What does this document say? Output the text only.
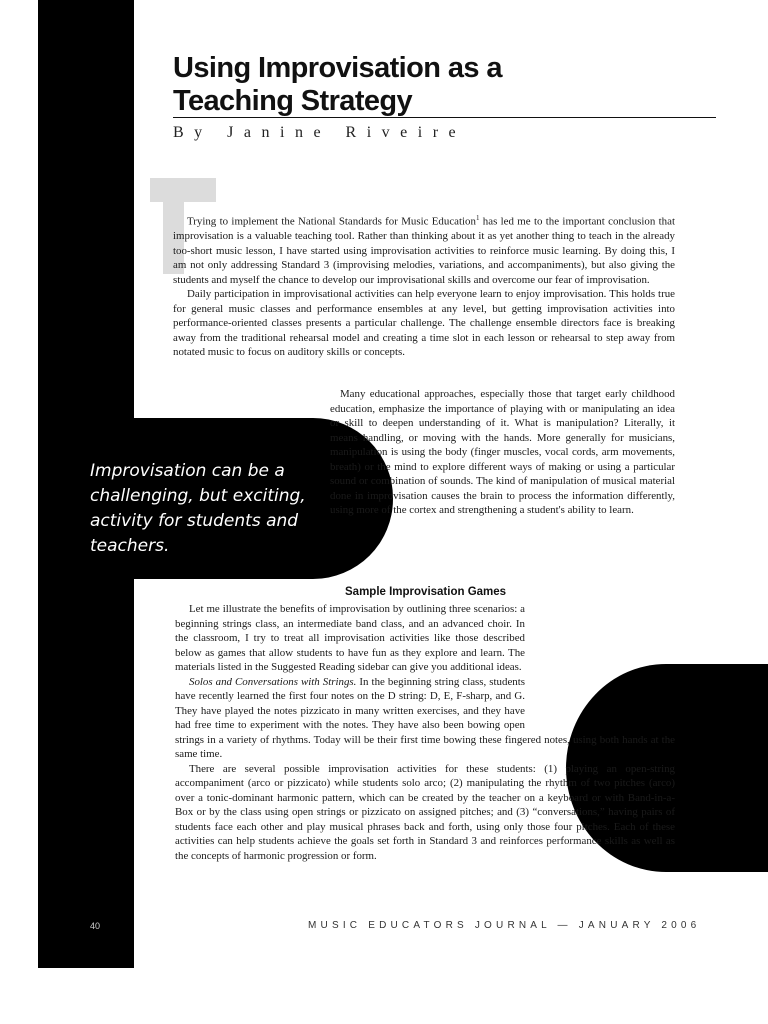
Using Improvisation as a
Teaching Strategy

By Janine Riveire

Trying to implement the National Standards for Music Education$^1$ has led me to the important conclusion that improvisation is a valuable teaching tool. Rather than thinking about it as yet another thing to teach in the already too-short music lesson, I have started using improvisation activities to reinforce music learning. By doing this, I am not only addressing Standard 3 (improvising melodies, variations, and accompaniments), but also giving the students and myself the chance to develop our improvisational skills and overcome our fear of improvisation.

Daily participation in improvisational activities can help everyone learn to enjoy improvisation. This holds true for general music classes and performance ensembles at any level, but getting improvisation activities into performance-oriented classes presents a particular challenge. The challenge ensemble directors face is breaking away from the traditional rehearsal model and creating a time slot in each lesson or rehearsal to step away from notated music to focus on auditory skills or concepts.

Many educational approaches, especially those that target early childhood education, emphasize the importance of playing with or manipulating an idea or skill to deepen understanding of it. What is manipulation? Literally, it means handling, or moving with the hands. More generally for musicians, manipulation is using the body (finger muscles, vocal cords, arm movements, breath) or the mind to explore different ways of making or using a particular sound or combination of sounds. The kind of manipulation of musical material done in improvisation causes the brain to process the information differently, using more of the cortex and strengthening a student's ability to learn.

Improvisation can be a challenging, but exciting, activity for students and teachers.

Sample Improvisation Games

Let me illustrate the benefits of improvisation by outlining three scenarios: a beginning strings class, an intermediate band class, and an advanced choir. In the classroom, I try to treat all improvisation activities like those described below as games that allow students to have fun as they explore and learn. The materials listed in the Suggested Reading sidebar can give you additional ideas.

Solos and Conversations with Strings. In the beginning string class, students have recently learned the first four notes on the D string: D, E, F-sharp, and G. They have played the notes pizzicato in many written exercises, and they have had free time to experiment with the notes. They have also been bowing open strings in a variety of rhythms. Today will be their first time bowing these fingered notes, using both hands at the same time.

There are several possible improvisation activities for these students: (1) playing an open-string accompaniment (arco or pizzicato) while students solo arco; (2) manipulating the rhythm of two pitches (arco) over a tonic-dominant harmonic pattern, which can be created by the teacher on a keyboard or with Band-in-a-Box or by the class using open strings or pizzicato on assigned pitches; and (3) “conversations,” having pairs of students face each other and play musical phrases back and forth, using only those four pitches. Each of these activities can help students achieve the goals set forth in Standard 3 and reinforces performance skills as well as the concepts of harmonic progression or form.

40	MUSIC EDUCATORS JOURNAL — JANUARY 2006
